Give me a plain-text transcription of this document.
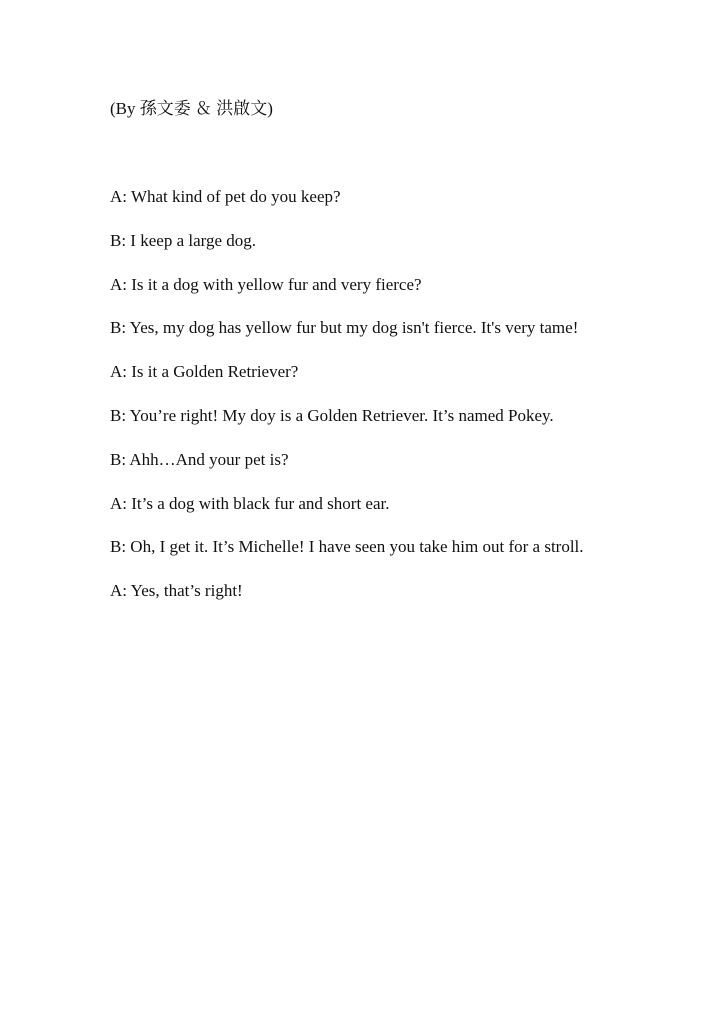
(By 孫文委 ＆ 洪啟文)
A: What kind of pet do you keep?
B: I keep a large dog.
A: Is it a dog with yellow fur and very fierce?
B: Yes, my dog has yellow fur but my dog isn't fierce. It's very tame!
A: Is it a Golden Retriever?
B: You’re right! My doy is a Golden Retriever. It’s named Pokey.
B: Ahh…And your pet is?
A: It’s a dog with black fur and short ear.
B: Oh, I get it. It’s Michelle! I have seen you take him out for a stroll.
A: Yes, that’s right!
